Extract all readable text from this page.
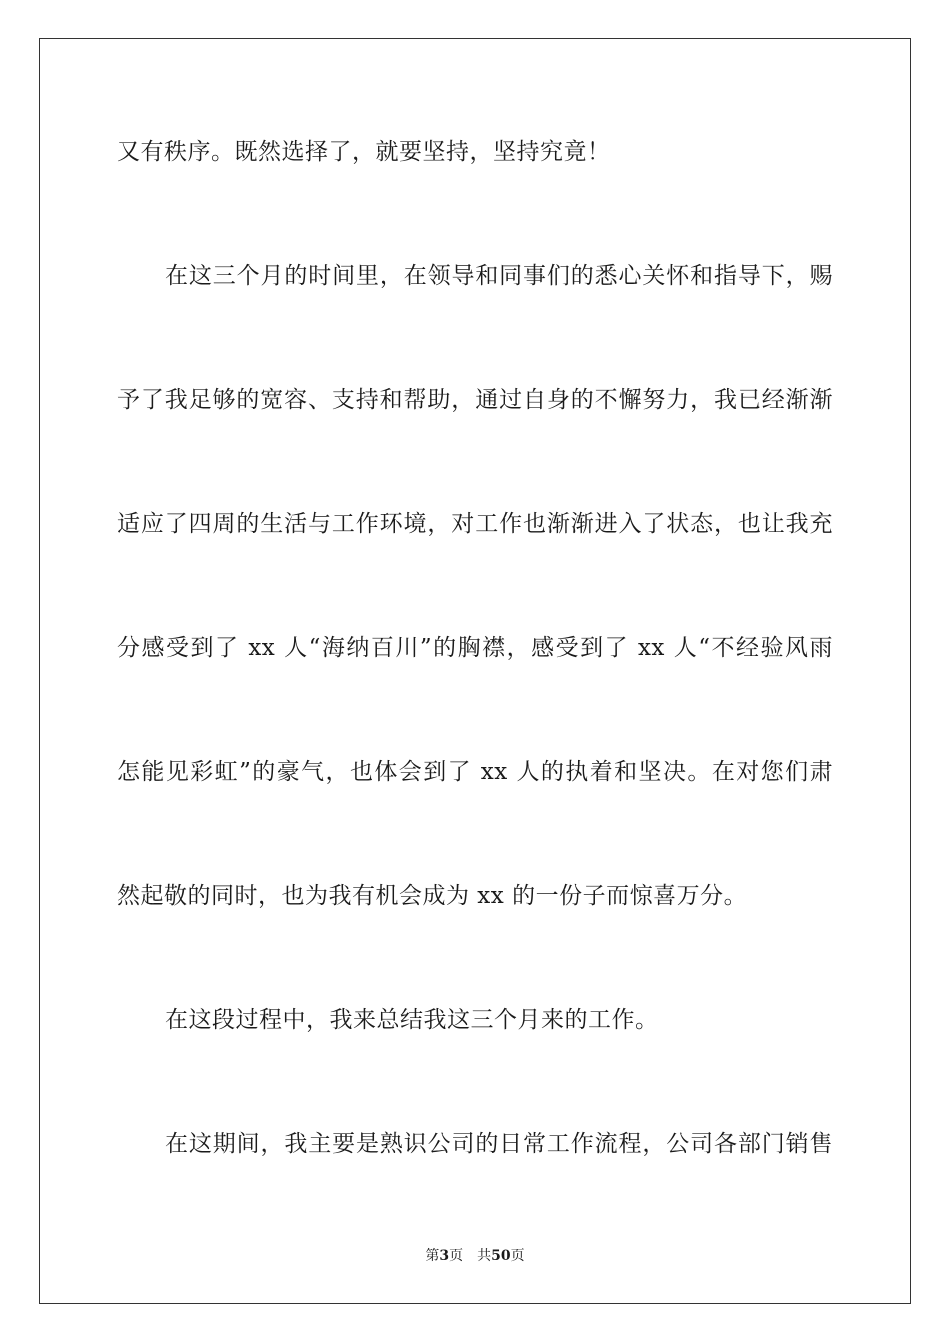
又有秩序。既然选择了，就要坚持，坚持究竟！
在这三个月的时间里，在领导和同事们的悉心关怀和指导下，赐
予了我足够的宽容、支持和帮助，通过自身的不懈努力，我已经渐渐
适应了四周的生活与工作环境，对工作也渐渐进入了状态，也让我充
分感受到了 xx 人“海纳百川”的胸襟，感受到了 xx 人“不经验风雨
怎能见彩虹”的豪气，也体会到了 xx 人的执着和坚决。在对您们肃
然起敬的同时，也为我有机会成为 xx 的一份子而惊喜万分。
在这段过程中，我来总结我这三个月来的工作。
在这期间，我主要是熟识公司的日常工作流程，公司各部门销售
第3页 共50页
